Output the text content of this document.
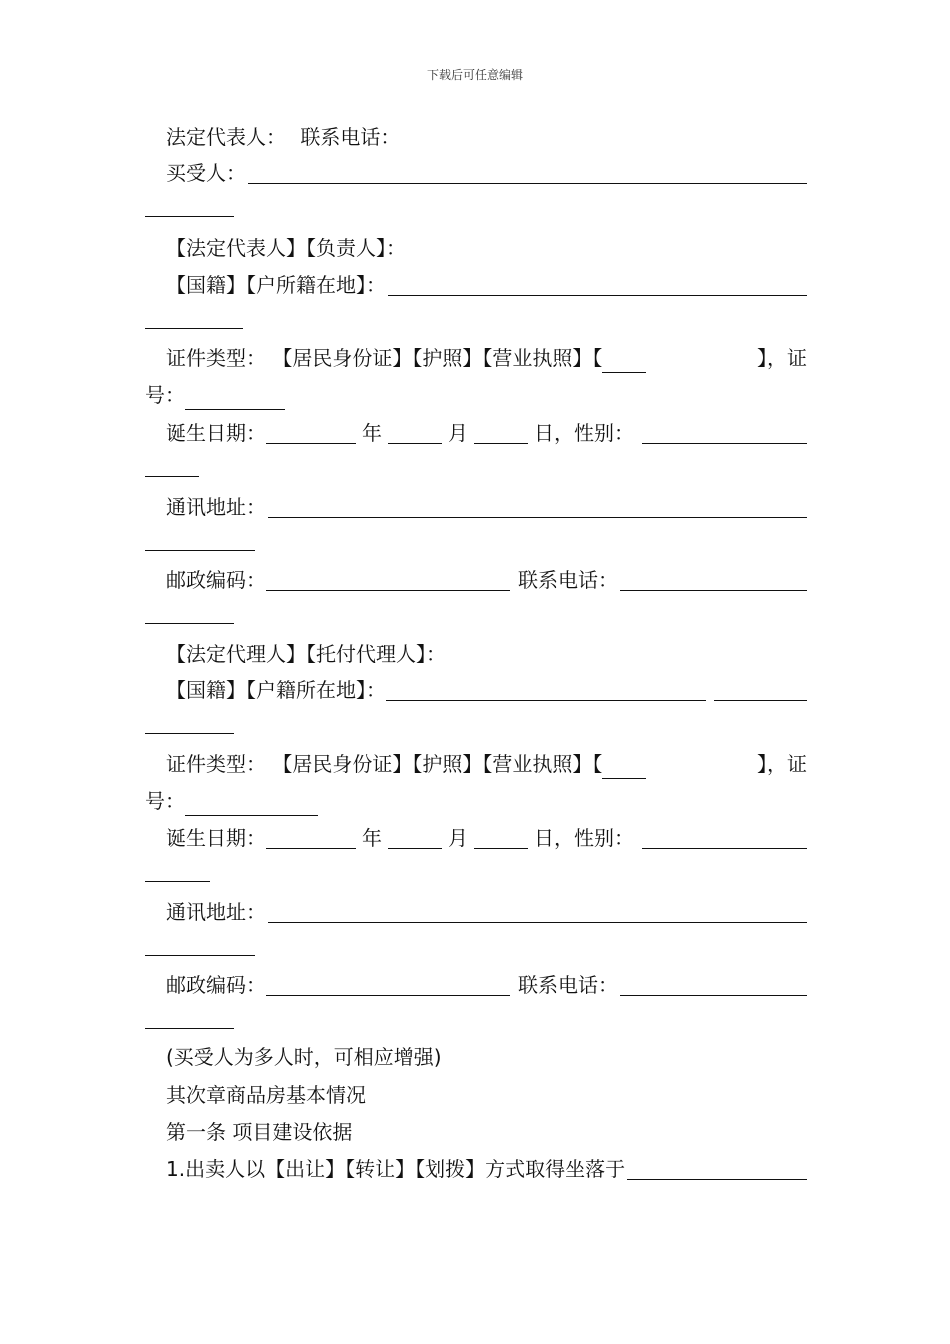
下载后可任意编辑
法定代表人： 联系电话：
买受人：
【法定代表人】【负责人】：
【国籍】【户所籍在地】：
证件类型： 【居民身份证】【护照】【营业执照】【	】，证
号：
诞生日期：	年	月	日，性别：
通讯地址：
邮政编码：	联系电话：
【法定代理人】【托付代理人】：
【国籍】【户籍所在地】：
证件类型： 【居民身份证】【护照】【营业执照】【	】，证
号：
诞生日期：	年	月	日，性别：
通讯地址：
邮政编码：	联系电话：
(买受人为多人时，可相应增强)
其次章商品房基本情况
第一条 项目建设依据
1.出卖人以【出让】【转让】【划拨】方式取得坐落于
